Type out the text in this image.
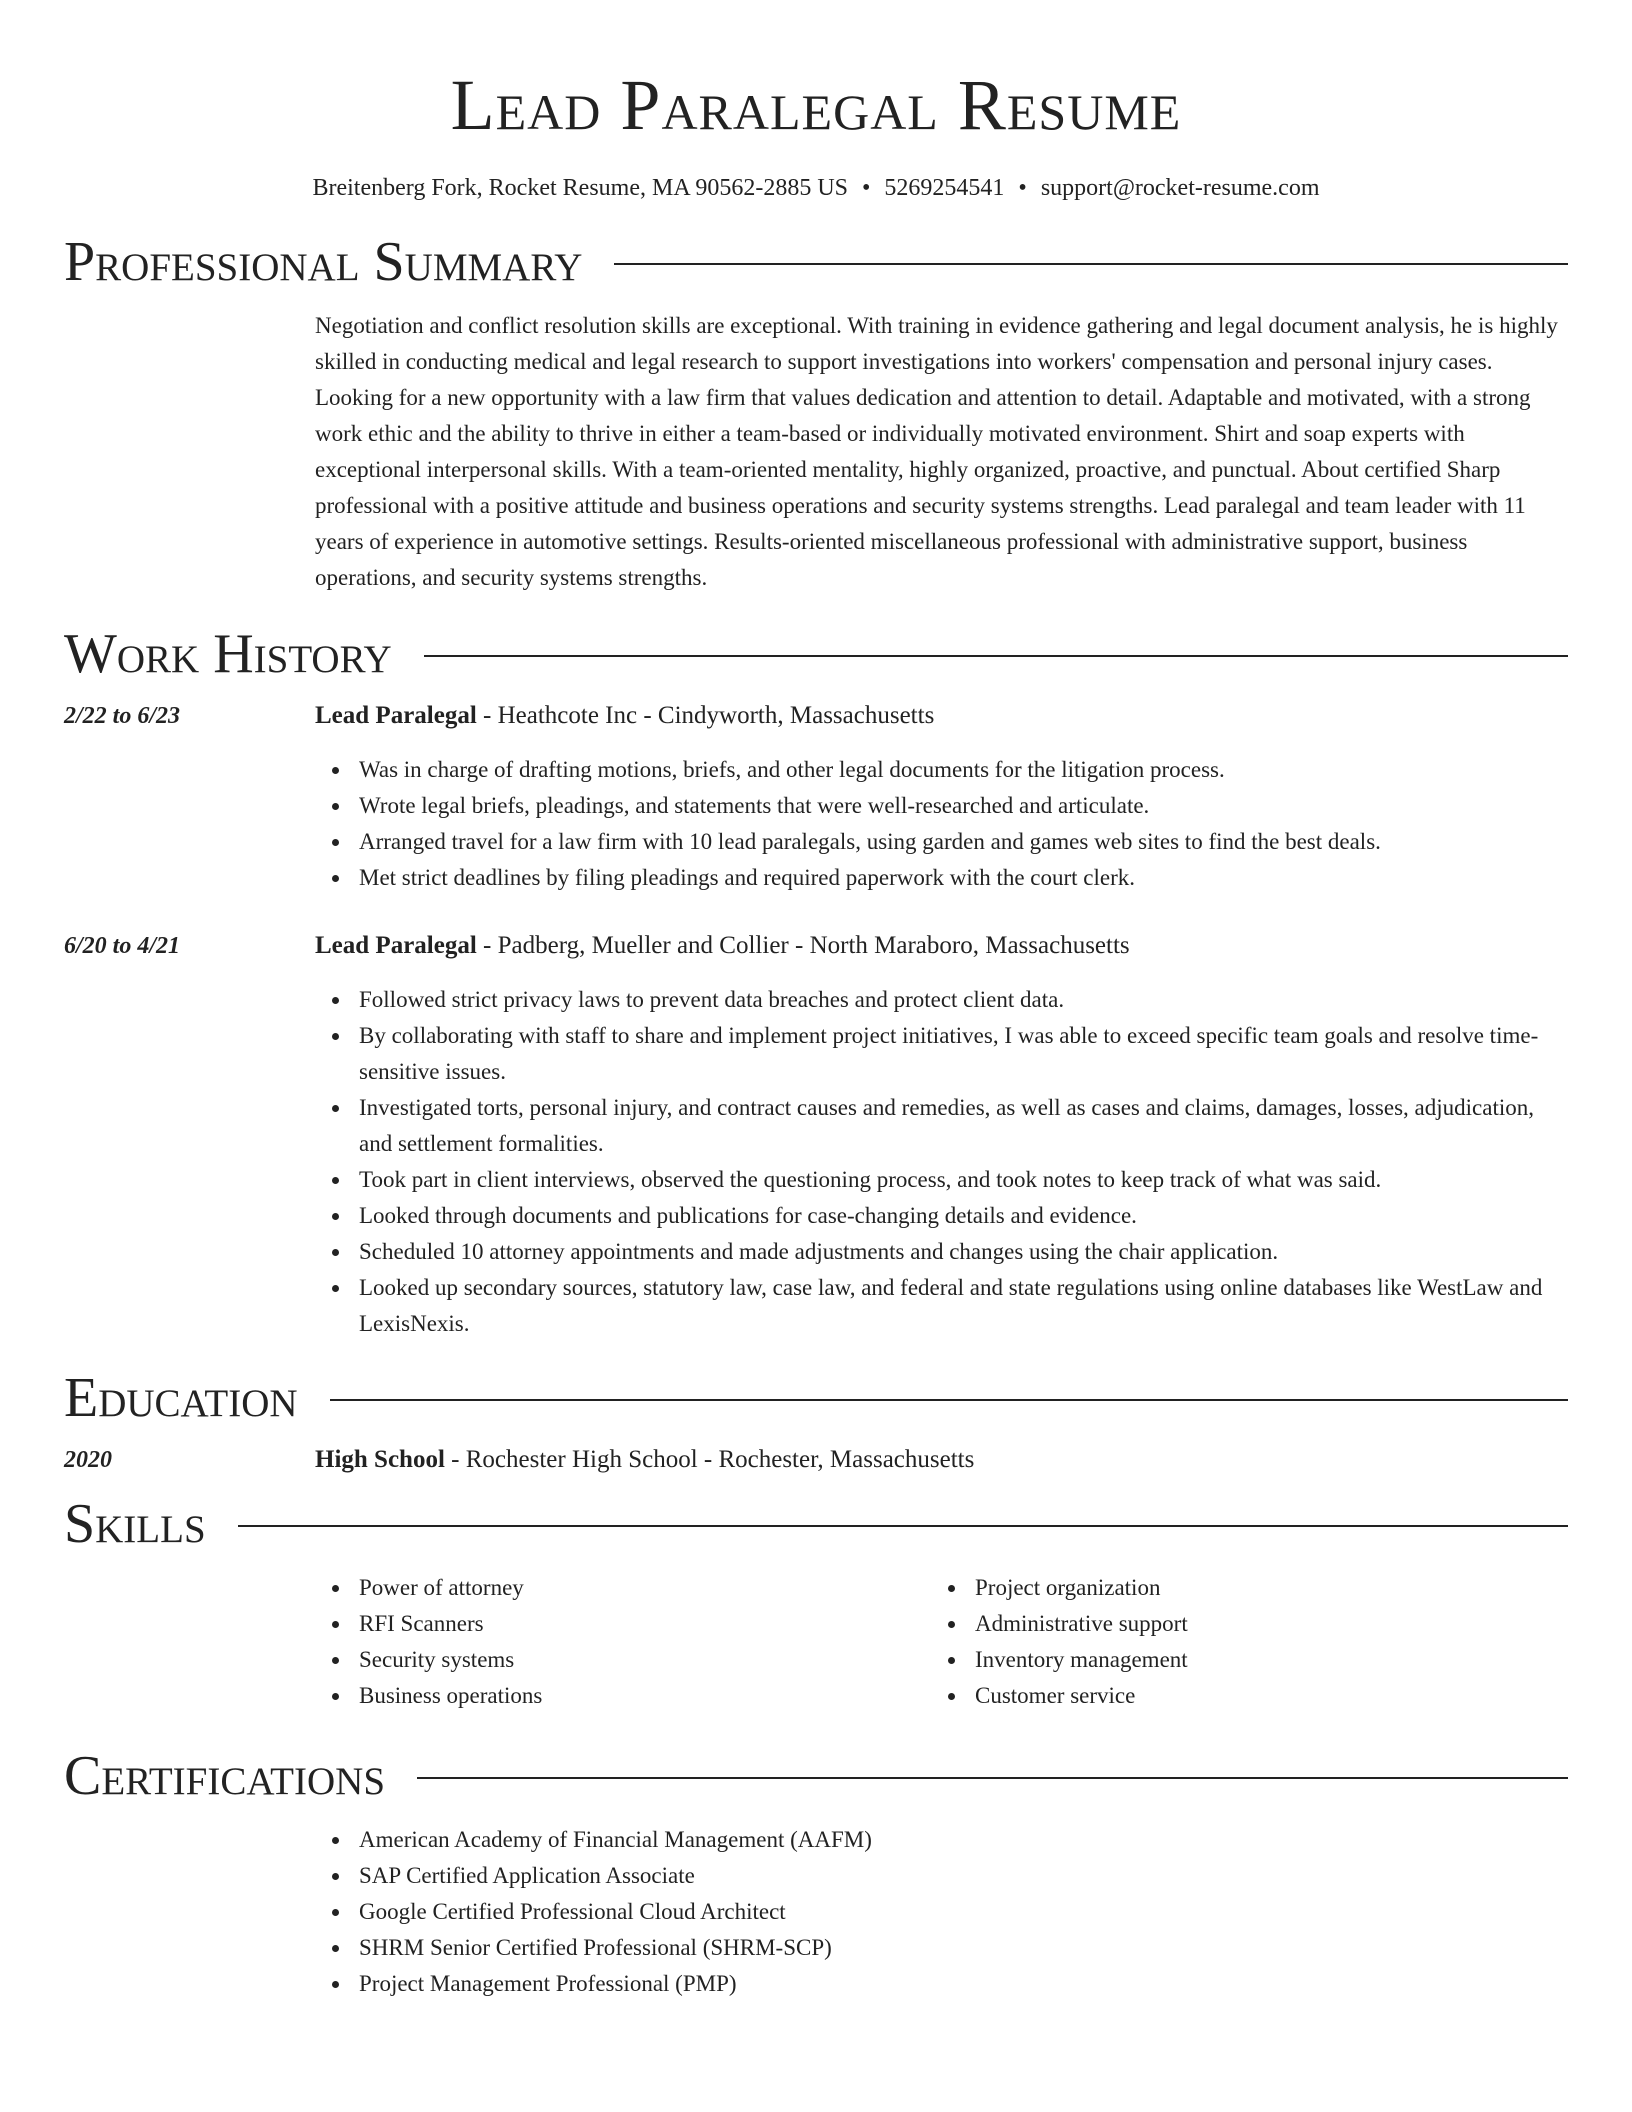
Lead Paralegal Resume
Breitenberg Fork, Rocket Resume, MA 90562-2885 US • 5269254541 • support@rocket-resume.com
Professional Summary
Negotiation and conflict resolution skills are exceptional. With training in evidence gathering and legal document analysis, he is highly skilled in conducting medical and legal research to support investigations into workers' compensation and personal injury cases. Looking for a new opportunity with a law firm that values dedication and attention to detail. Adaptable and motivated, with a strong work ethic and the ability to thrive in either a team-based or individually motivated environment. Shirt and soap experts with exceptional interpersonal skills. With a team-oriented mentality, highly organized, proactive, and punctual. About certified Sharp professional with a positive attitude and business operations and security systems strengths. Lead paralegal and team leader with 11 years of experience in automotive settings. Results-oriented miscellaneous professional with administrative support, business operations, and security systems strengths.
Work History
2/22 to 6/23	Lead Paralegal - Heathcote Inc - Cindyworth, Massachusetts
Was in charge of drafting motions, briefs, and other legal documents for the litigation process.
Wrote legal briefs, pleadings, and statements that were well-researched and articulate.
Arranged travel for a law firm with 10 lead paralegals, using garden and games web sites to find the best deals.
Met strict deadlines by filing pleadings and required paperwork with the court clerk.
6/20 to 4/21	Lead Paralegal - Padberg, Mueller and Collier - North Maraboro, Massachusetts
Followed strict privacy laws to prevent data breaches and protect client data.
By collaborating with staff to share and implement project initiatives, I was able to exceed specific team goals and resolve time-sensitive issues.
Investigated torts, personal injury, and contract causes and remedies, as well as cases and claims, damages, losses, adjudication, and settlement formalities.
Took part in client interviews, observed the questioning process, and took notes to keep track of what was said.
Looked through documents and publications for case-changing details and evidence.
Scheduled 10 attorney appointments and made adjustments and changes using the chair application.
Looked up secondary sources, statutory law, case law, and federal and state regulations using online databases like WestLaw and LexisNexis.
Education
2020	High School - Rochester High School - Rochester, Massachusetts
Skills
Power of attorney
RFI Scanners
Security systems
Business operations
Project organization
Administrative support
Inventory management
Customer service
Certifications
American Academy of Financial Management (AAFM)
SAP Certified Application Associate
Google Certified Professional Cloud Architect
SHRM Senior Certified Professional (SHRM-SCP)
Project Management Professional (PMP)
